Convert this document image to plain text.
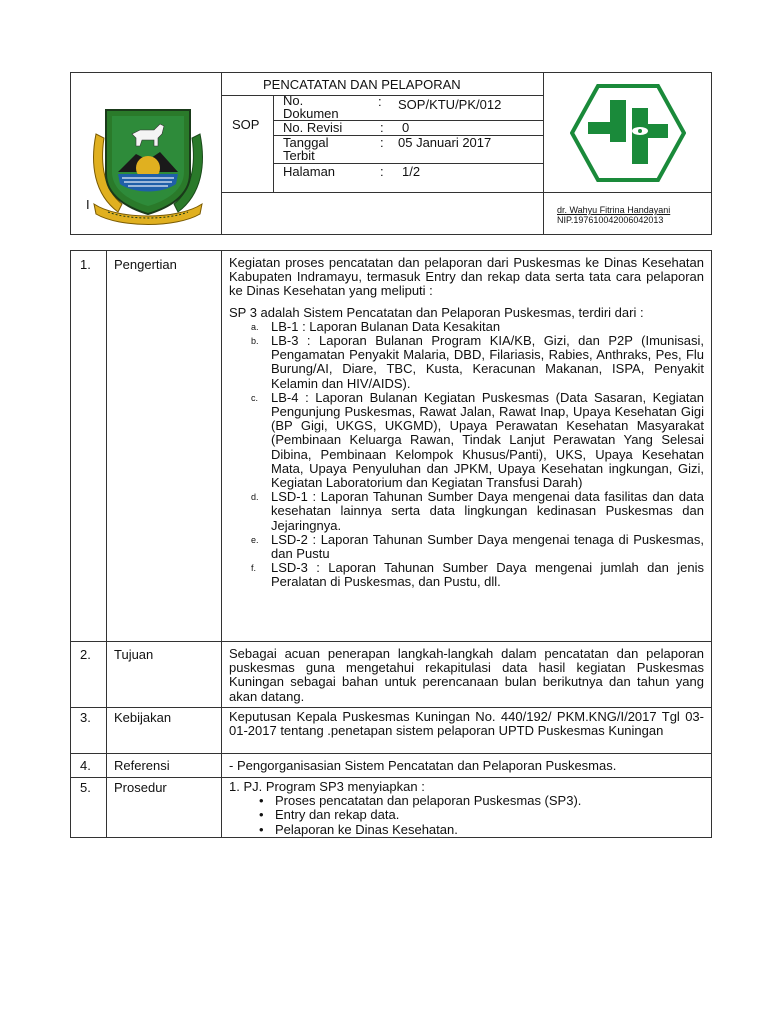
I
PENCATATAN DAN PELAPORAN
SOP
No. Dokumen
: SOP/KTU/PK/012
No. Revisi	: 0
Tanggal Terbit
: 05 Januari 2017
Halaman	: 1/2
dr. Wahyu Fitrina Handayani
NIP.197610042006042013
1. Pengertian	Kegiatan proses pencatatan dan pelaporan dari Puskesmas ke Dinas Kesehatan Kabupaten Indramayu, termasuk Entry dan rekap data serta tata cara pelaporan ke Dinas Kesehatan yang meliputi :
SP 3 adalah Sistem Pencatatan dan Pelaporan Puskesmas, terdiri dari :
a. LB-1 : Laporan Bulanan Data Kesakitan
b. LB-3 : Laporan Bulanan Program KIA/KB, Gizi, dan P2P (Imunisasi, Pengamatan Penyakit Malaria, DBD, Filariasis, Rabies, Anthraks, Pes, Flu Burung/AI, Diare, TBC, Kusta, Keracunan Makanan, ISPA, Penyakit Kelamin dan HIV/AIDS).
c. LB-4 : Laporan Bulanan Kegiatan Puskesmas (Data Sasaran, Kegiatan Pengunjung Puskesmas, Rawat Jalan, Rawat Inap, Upaya Kesehatan Gigi (BP Gigi, UKGS, UKGMD), Upaya Perawatan Kesehatan Masyarakat (Pembinaan Keluarga Rawan, Tindak Lanjut Perawatan Yang Selesai Dibina, Pembinaan Kelompok Khusus/Panti), UKS, Upaya Kesehatan Mata, Upaya Penyuluhan dan JPKM, Upaya Kesehatan ingkungan, Gizi, Kegiatan Laboratorium dan Kegiatan Transfusi Darah)
d. LSD-1 : Laporan Tahunan Sumber Daya mengenai data fasilitas dan data kesehatan lainnya serta data lingkungan kedinasan Puskesmas dan Jejaringnya.
e. LSD-2 : Laporan Tahunan Sumber Daya mengenai tenaga di Puskesmas, dan Pustu
f. LSD-3 : Laporan Tahunan Sumber Daya mengenai jumlah dan jenis Peralatan di Puskesmas, dan Pustu, dll.
2. Tujuan	Sebagai acuan penerapan langkah-langkah dalam pencatatan dan pelaporan puskesmas guna mengetahui rekapitulasi data hasil kegiatan Puskesmas Kuningan sebagai bahan untuk perencanaan bulan berikutnya dan tahun yang akan datang.
3. Kebijakan	Keputusan Kepala Puskesmas Kuningan No. 440/192/ PKM.KNG/I/2017 Tgl 03-01-2017 tentang .penetapan sistem pelaporan UPTD Puskesmas Kuningan
4. Referensi	- Pengorganisasian Sistem Pencatatan dan Pelaporan Puskesmas.
5. Prosedur	1. PJ. Program SP3 menyiapkan :
• Proses pencatatan dan pelaporan Puskesmas (SP3).
• Entry dan rekap data.
• Pelaporan ke Dinas Kesehatan.
